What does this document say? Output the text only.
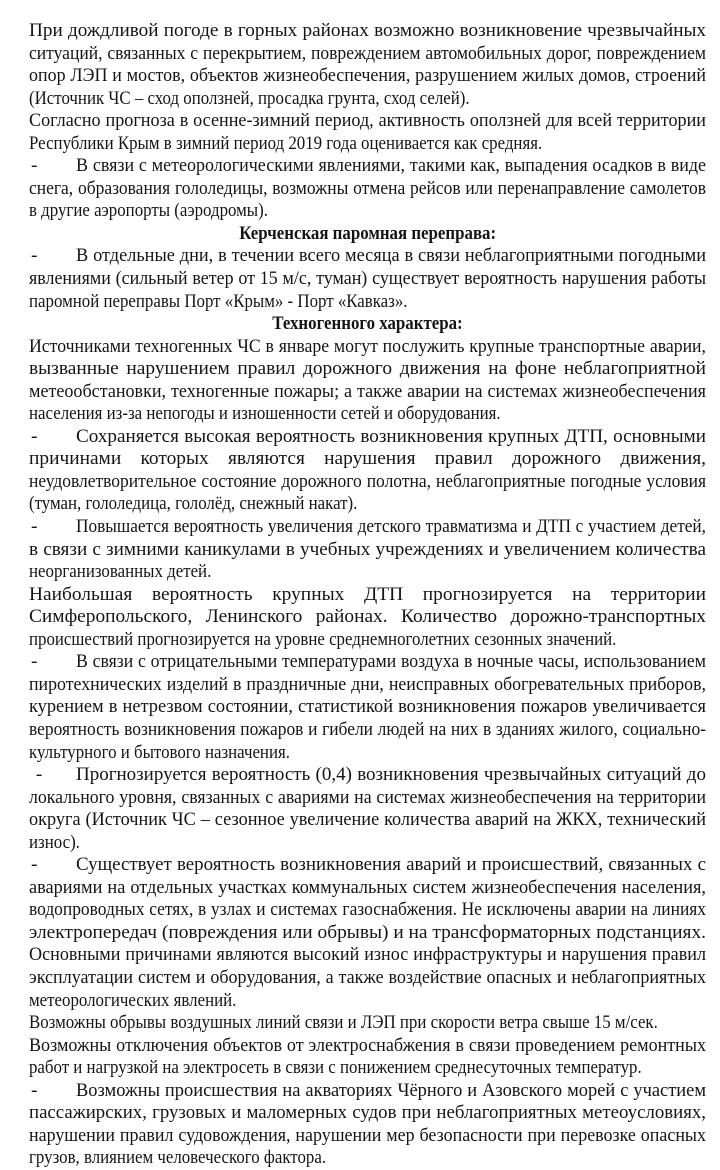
При дождливой погоде в горных районах возможно возникновение чрезвычайных
ситуаций, связанных с перекрытием, повреждением автомобильных дорог, повреждением
опор ЛЭП и мостов, объектов жизнеобеспечения, разрушением жилых домов, строений
(Источник ЧС – сход оползней, просадка грунта, сход селей).
Согласно прогноза в осенне-зимний период, активность оползней для всей территории
Республики Крым в зимний период 2019 года оценивается как средняя.
- В связи с метеорологическими явлениями, такими как, выпадения осадков в виде
снега, образования гололедицы, возможны отмена рейсов или перенаправление самолетов
в другие аэропорты (аэродромы).
Керченская паромная переправа:
- В отдельные дни, в течении всего месяца в связи неблагоприятными погодными
явлениями (сильный ветер от 15 м/с, туман) существует вероятность нарушения работы
паромной переправы Порт «Крым» - Порт «Кавказ».
Техногенного характера:
Источниками техногенных ЧС в январе могут послужить крупные транспортные аварии,
вызванные нарушением правил дорожного движения на фоне неблагоприятной
метеообстановки, техногенные пожары; а также аварии на системах жизнеобеспечения
населения из-за непогоды и изношенности сетей и оборудования.
- Сохраняется высокая вероятность возникновения крупных ДТП, основными
причинами которых являются нарушения правил дорожного движения,
неудовлетворительное состояние дорожного полотна, неблагоприятные погодные условия
(туман, гололедица, гололёд, снежный накат).
- Повышается вероятность увеличения детского травматизма и ДТП с участием детей,
в связи с зимними каникулами в учебных учреждениях и увеличением количества
неорганизованных детей.
Наибольшая вероятность крупных ДТП прогнозируется на территории
Симферопольского, Ленинского районах. Количество дорожно-транспортных
происшествий прогнозируется на уровне среднемноголетних сезонных значений.
- В связи с отрицательными температурами воздуха в ночные часы, использованием
пиротехнических изделий в праздничные дни, неисправных обогревательных приборов,
курением в нетрезвом состоянии, статистикой возникновения пожаров увеличивается
вероятность возникновения пожаров и гибели людей на них в зданиях жилого, социально-
культурного и бытового назначения.
- Прогнозируется вероятность (0,4) возникновения чрезвычайных ситуаций до
локального уровня, связанных с авариями на системах жизнеобеспечения на территории
округа (Источник ЧС – сезонное увеличение количества аварий на ЖКХ, технический
износ).
- Существует вероятность возникновения аварий и происшествий, связанных с
авариями на отдельных участках коммунальных систем жизнеобеспечения населения,
водопроводных сетях, в узлах и системах газоснабжения. Не исключены аварии на линиях
электропередач (повреждения или обрывы) и на трансформаторных подстанциях.
Основными причинами являются высокий износ инфраструктуры и нарушения правил
эксплуатации систем и оборудования, а также воздействие опасных и неблагоприятных
метеорологических явлений.
Возможны обрывы воздушных линий связи и ЛЭП при скорости ветра свыше 15 м/сек.
Возможны отключения объектов от электроснабжения в связи проведением ремонтных
работ и нагрузкой на электросеть в связи с понижением среднесуточных температур.
- Возможны происшествия на акваториях Чёрного и Азовского морей с участием
пассажирских, грузовых и маломерных судов при неблагоприятных метеоусловиях,
нарушении правил судовождения, нарушении мер безопасности при перевозке опасных
грузов, влиянием человеческого фактора.
